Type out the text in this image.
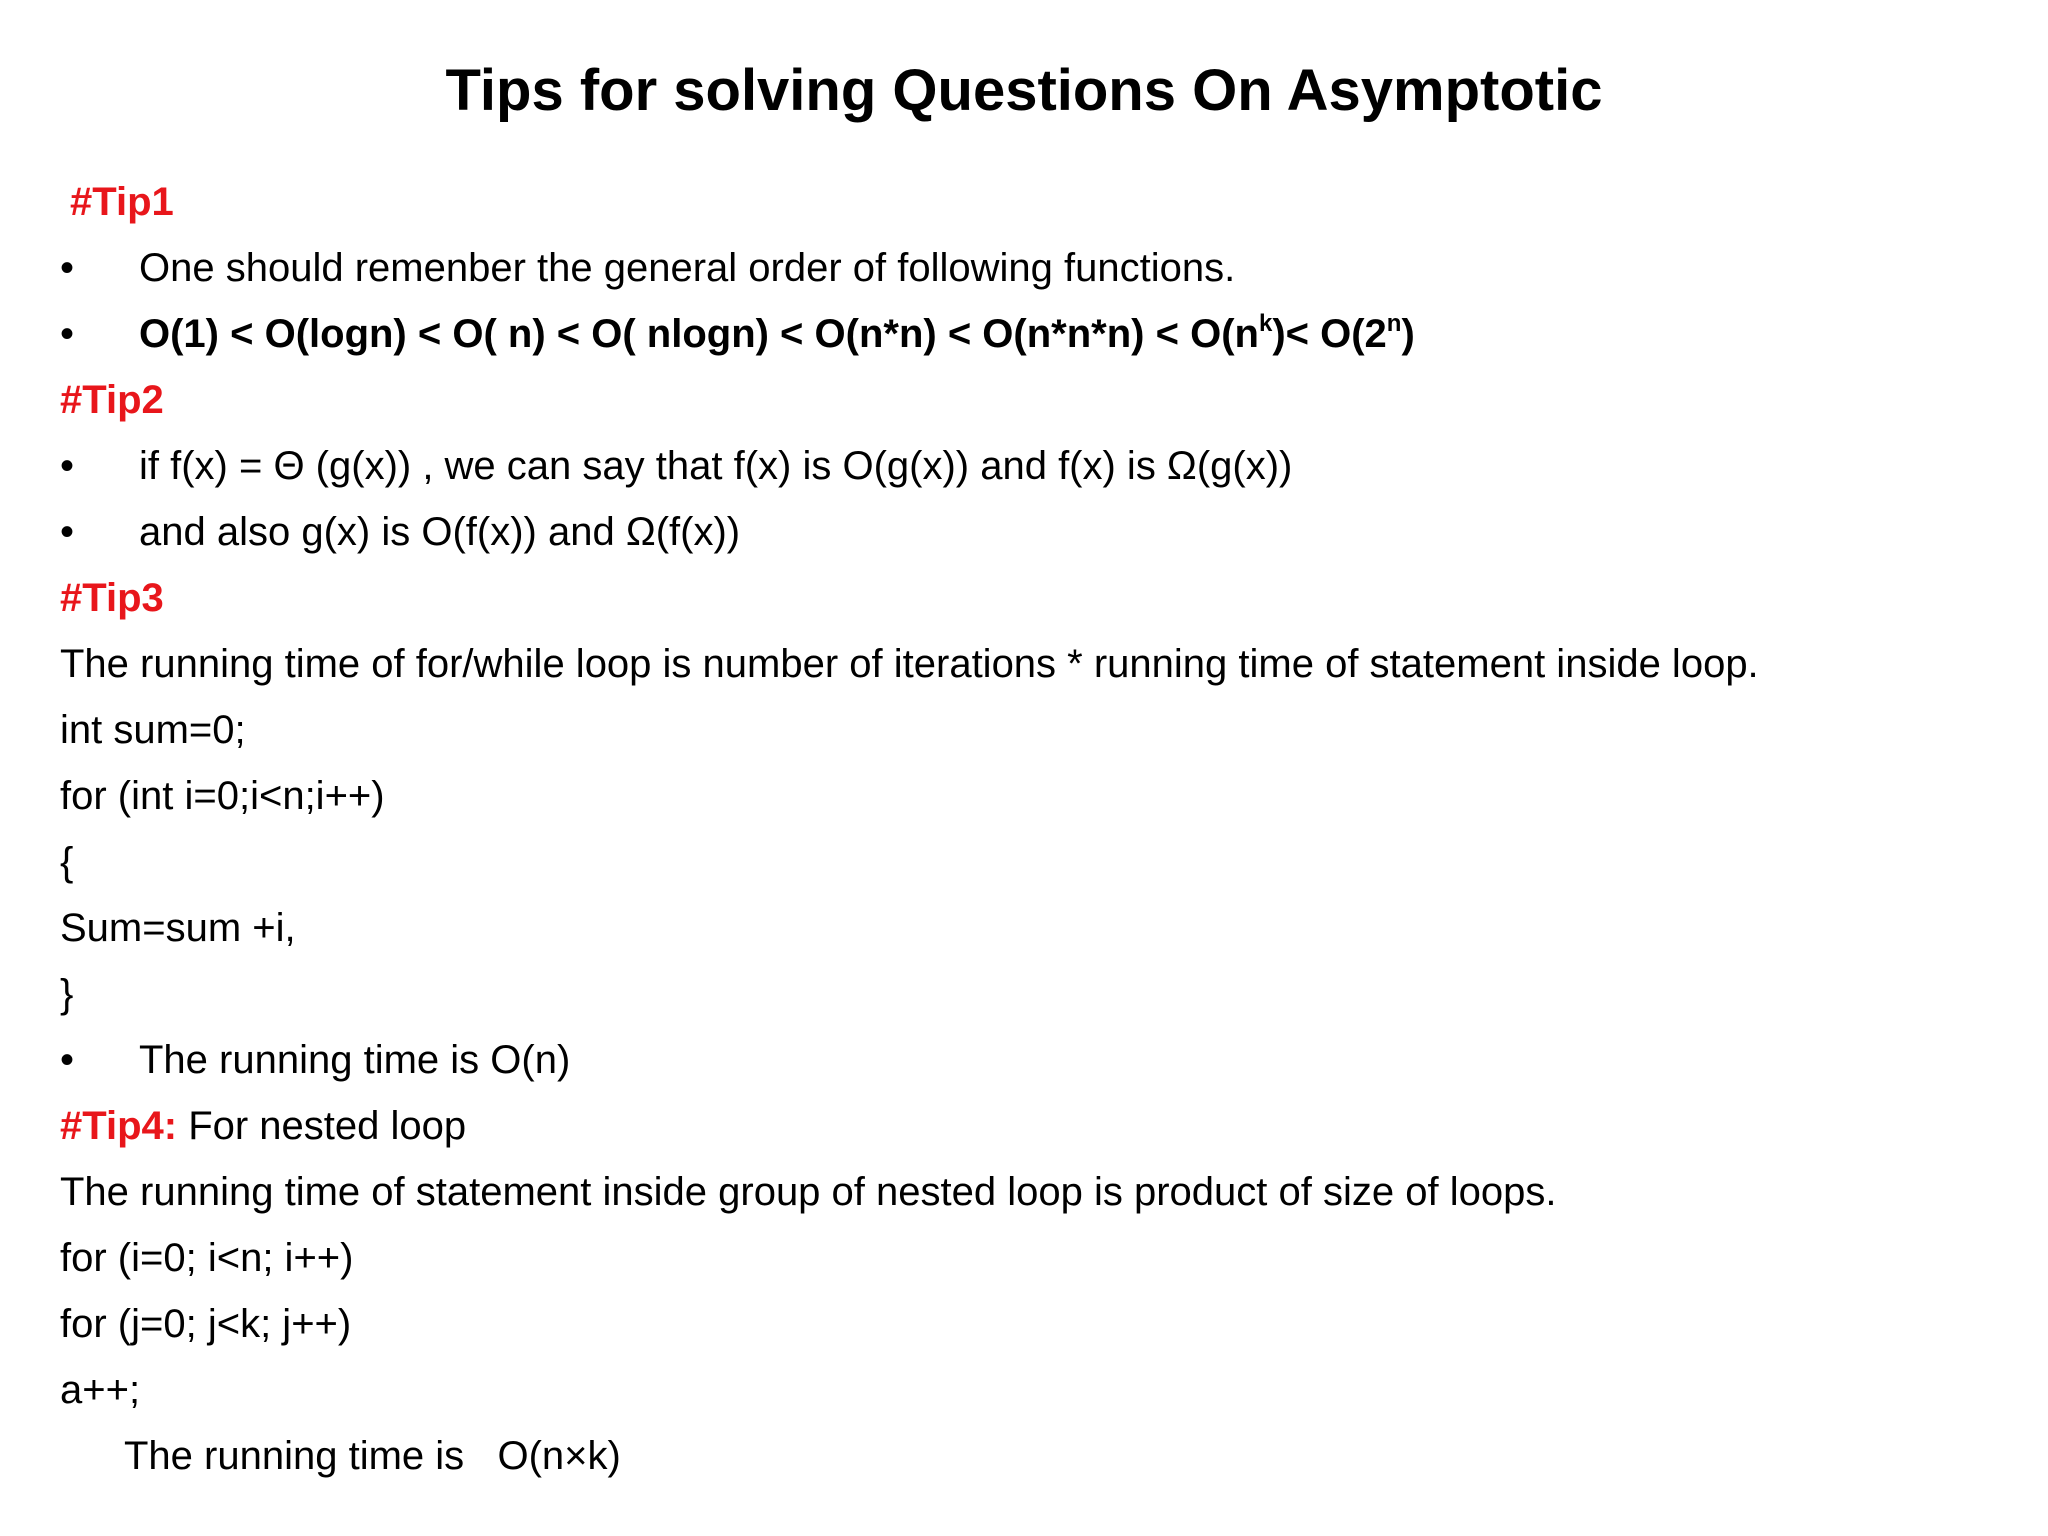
Tips for solving Questions On Asymptotic
#Tip1
• One should remenber the general order of following functions.
• O(1) < O(logn) < O( n) < O( $nlogn) < O(n*n) < O(n*n*n) < O(n^k)< O(2^n)$
#Tip2
• if f(x) = Θ (g(x)) , we can say that f(x) is O(g(x)) and f(x) is Ω(g(x))
• and also g(x) is O(f(x)) and Ω(f(x))
#Tip3
The running time of for/while loop is number of iterations * running time of statement inside loop.
int sum=0;
for (int i=0;i<n;i++)
{
Sum=sum +i,
}
• The running time is O(n)
#Tip4: For nested loop
The running time of statement inside group of nested loop is product of size of loops.
for (i=0; i<n; i++)
for (j=0; j<k; j++)
a++;
The running time is   O(n×k)
